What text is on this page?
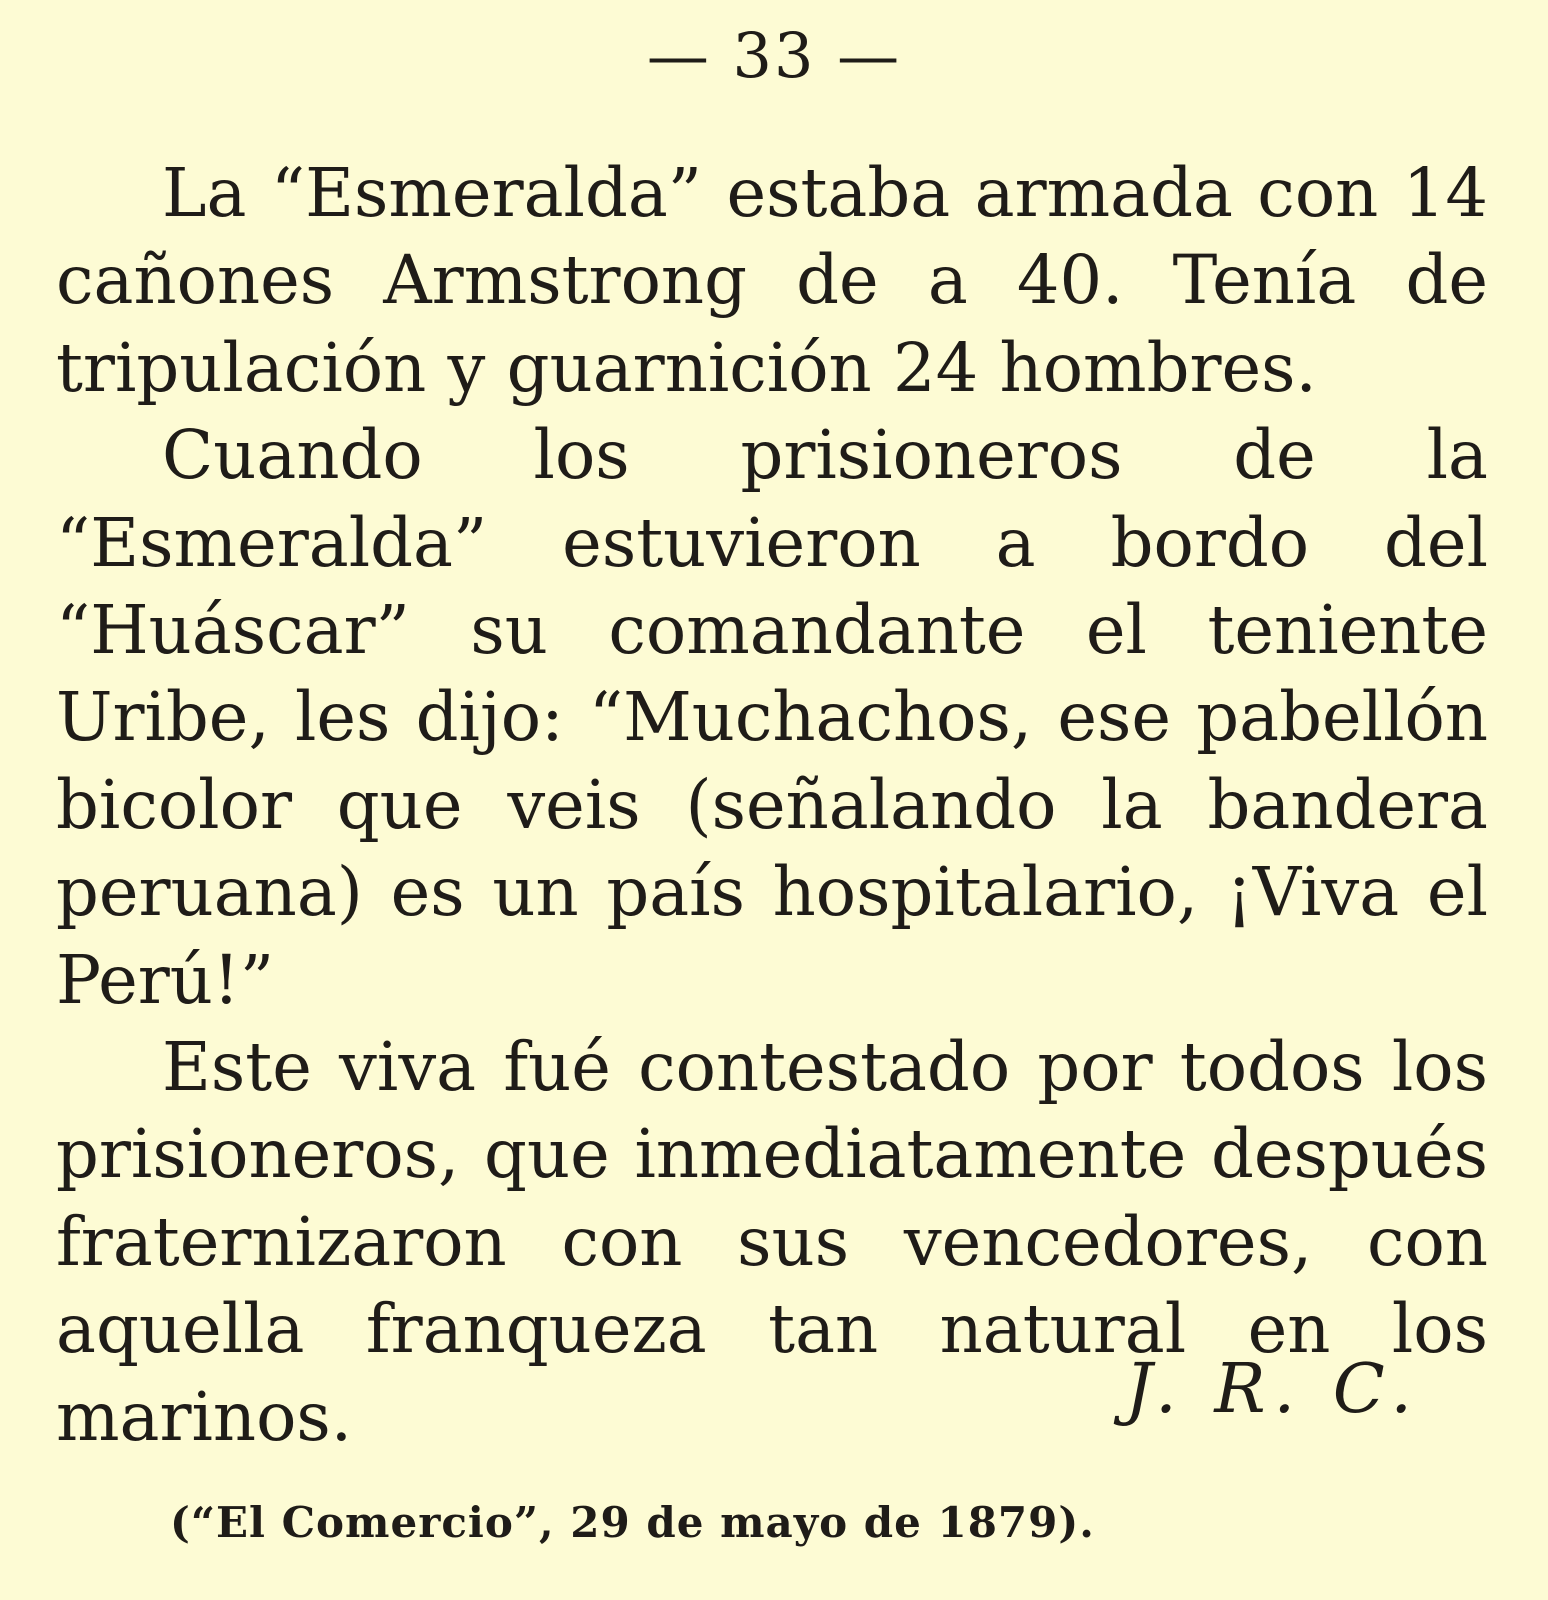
— 33 —

La “Esmeralda” estaba armada con 14 cañones Armstrong de a 40. Tenía de tripulación y guarnición 24 hombres.

Cuando los prisioneros de la “Esmeralda” estuvieron a bordo del “Huáscar” su comandante el teniente Uribe, les dijo: “Muchachos, ese pabellón bicolor que veis (señalando la bandera peruana) es un país hospitalario, ¡Viva el Perú!”

Este viva fué contestado por todos los prisioneros, que inmediatamente después fraternizaron con sus vencedores, con aquella franqueza tan natural en los marinos.	J. R. C.
(“El Comercio”, 29 de mayo de 1879).
